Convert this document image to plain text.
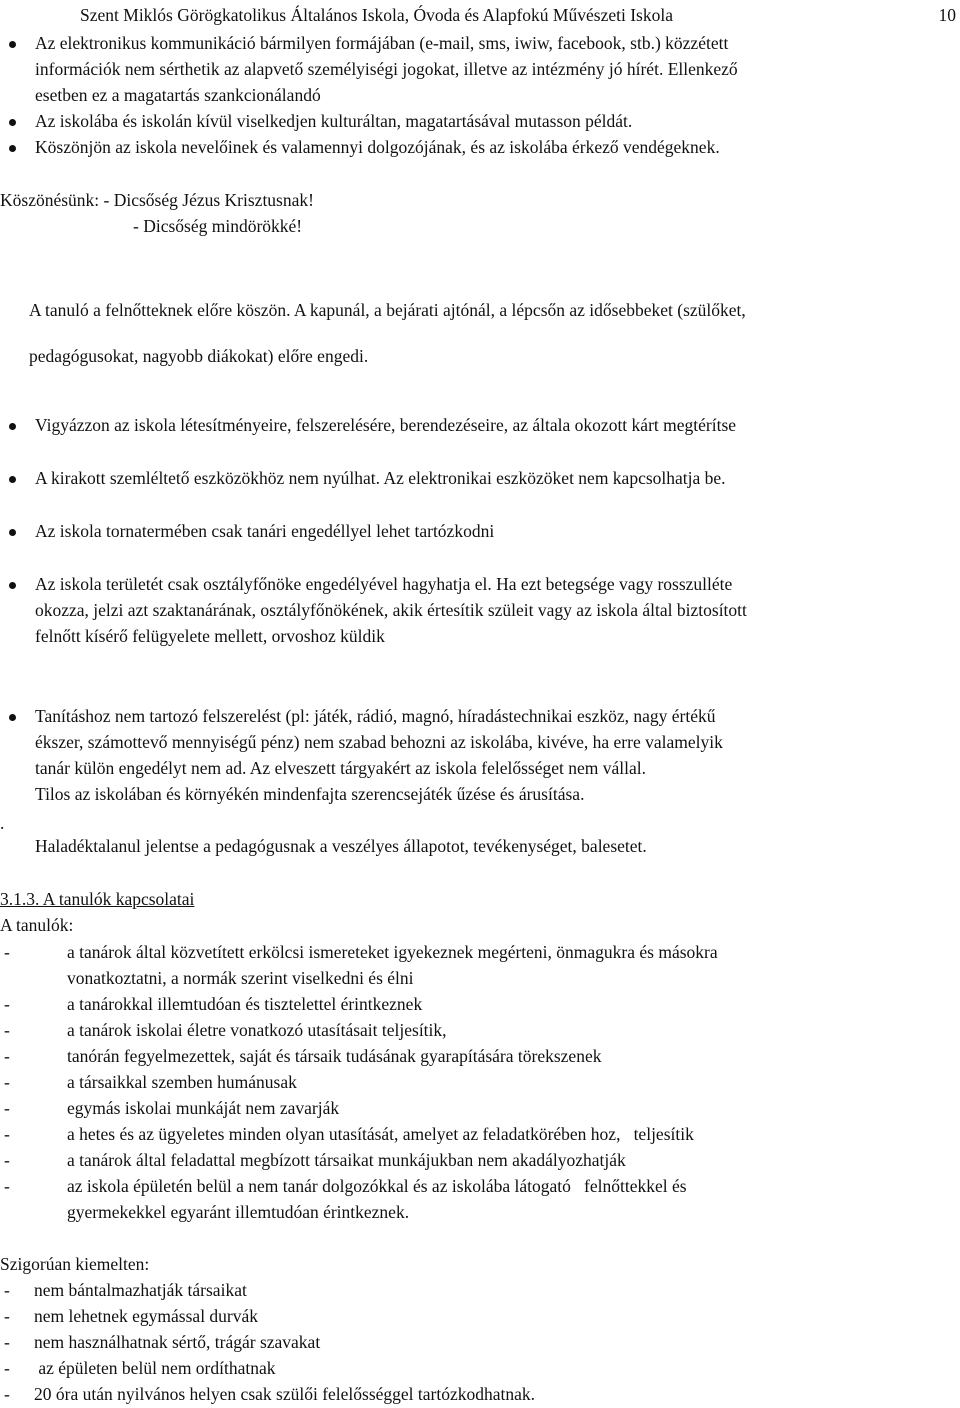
Szent Miklós Görögkatolikus Általános Iskola, Óvoda és Alapfokú Művészeti Iskola	10
Az elektronikus kommunikáció bármilyen formájában (e-mail, sms, iwiw, facebook, stb.) közzétett
információk nem sérthetik az alapvető személyiségi jogokat, illetve az intézmény jó hírét. Ellenkező
esetben ez a magatartás szankcionálandó
Az iskolába és iskolán kívül viselkedjen kulturáltan, magatartásával mutasson példát.
Köszönjön az iskola nevelőinek és valamennyi dolgozójának, és az iskolába érkező vendégeknek.
Köszönésünk: - Dicsőség Jézus Krisztusnak!
- Dicsőség mindörökké!
A tanuló a felnőtteknek előre köszön. A kapunál, a bejárati ajtónál, a lépcsőn az idősebbeket (szülőket,
pedagógusokat, nagyobb diákokat) előre engedi.
Vigyázzon az iskola létesítményeire, felszerelésére, berendezéseire, az általa okozott kárt megtérítse
A kirakott szemléltető eszközökhöz nem nyúlhat. Az elektronikai eszközöket nem kapcsolhatja be.
Az iskola tornatermében csak tanári engedéllyel lehet tartózkodni
Az iskola területét csak osztályfőnöke engedélyével hagyhatja el. Ha ezt betegsége vagy rosszulléte
okozza, jelzi azt szaktanárának, osztályfőnökének, akik értesítik szüleit vagy az iskola által biztosított
felnőtt kísérő felügyelete mellett, orvoshoz küldik
Tanításhoz nem tartozó felszerelést (pl: játék, rádió, magnó, híradástechnikai eszköz, nagy értékű
ékszer, számottevő mennyiségű pénz) nem szabad behozni az iskolába, kivéve, ha erre valamelyik
tanár külön engedélyt nem ad. Az elveszett tárgyakért az iskola felelősséget nem vállal.
Tilos az iskolában és környékén mindenfajta szerencsejáték űzése és árusítása.
.
Haladéktalanul jelentse a pedagógusnak a veszélyes állapotot, tevékenységet, balesetet.
3.1.3. A tanulók kapcsolatai
A tanulók:
-	a tanárok által közvetített erkölcsi ismereteket igyekeznek megérteni, önmagukra és másokra
vonatkoztatni, a normák szerint viselkedni és élni
-	a tanárokkal illemtudóan és tisztelettel érintkeznek
-	a tanárok iskolai életre vonatkozó utasításait teljesítik,
-	tanórán fegyelmezettek, saját és társaik tudásának gyarapítására törekszenek
-	a társaikkal szemben humánusak
-	egymás iskolai munkáját nem zavarják
-	a hetes és az ügyeletes minden olyan utasítását, amelyet az feladatkörében hoz,   teljesítik
-	a tanárok által feladattal megbízott társaikat munkájukban nem akadályozhatják
-	az iskola épületén belül a nem tanár dolgozókkal és az iskolába látogató   felnőttekkel és
gyermekekkel egyaránt illemtudóan érintkeznek.
Szigorúan kiemelten:
- nem bántalmazhatják társaikat
- nem lehetnek egymással durvák
- nem használhatnak sértő, trágár szavakat
- az épületen belül nem ordíthatnak
- 20 óra után nyilvános helyen csak szülői felelősséggel tartózkodhatnak.
